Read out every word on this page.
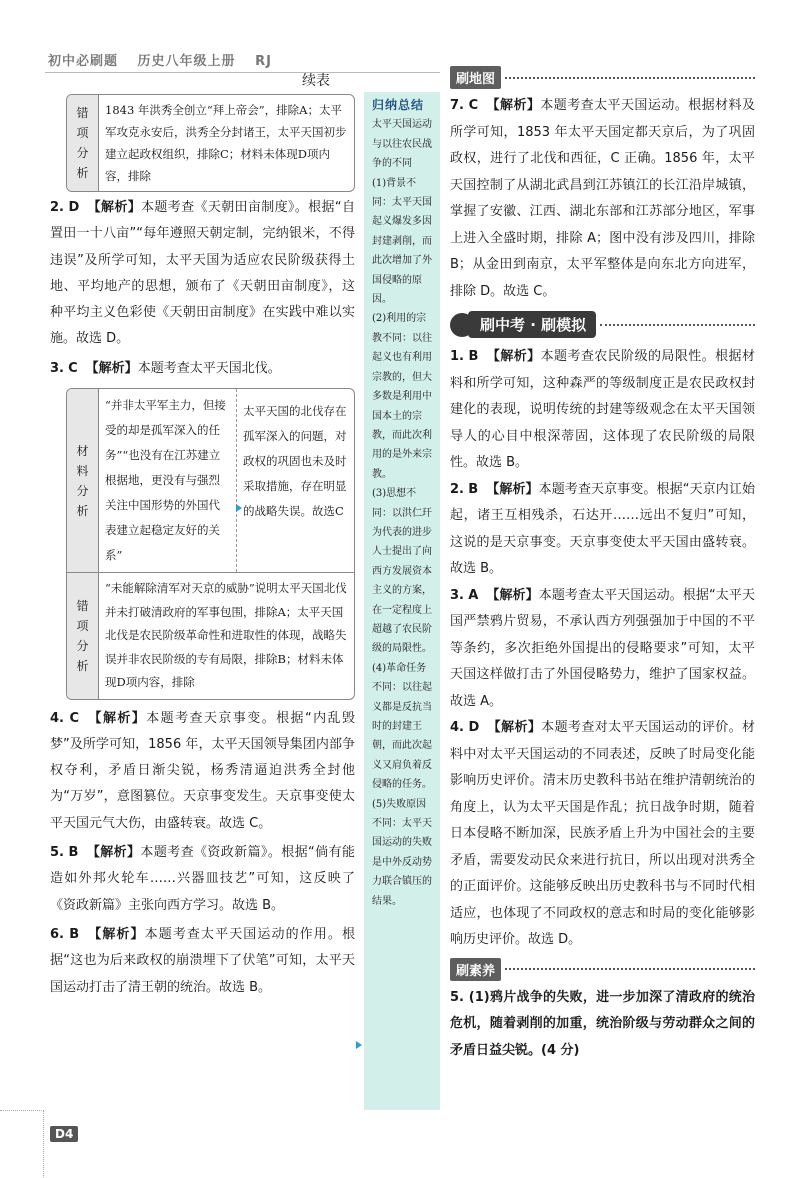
初中必刷题 历史八年级上册 RJ
续表
错项分析
1843 年洪秀全创立“拜上帝会”，排除A；太平军攻克永安后，洪秀全分封诸王，太平天国初步建立起政权组织，排除C；材料未体现D项内容，排除
2. D 【解析】本题考查《天朝田亩制度》。根据“自置田一十八亩”“每年遵照天朝定制，完纳银米，不得违误”及所学可知，太平天国为适应农民阶级获得土地、平均地产的思想，颁布了《天朝田亩制度》，这种平均主义色彩使《天朝田亩制度》在实践中难以实施。故选 D。
3. C 【解析】本题考查太平天国北伐。
材料分析
“并非太平军主力，但接受的却是孤军深入的任务”“也没有在江苏建立根据地，更没有与强烈关注中国形势的外国代表建立起稳定友好的关系”
太平天国的北伐存在孤军深入的问题，对政权的巩固也未及时采取措施，存在明显的战略失误。故选C
错项分析
“未能解除清军对天京的威胁”说明太平天国北伐并未打破清政府的军事包围，排除A；太平天国北伐是农民阶级革命性和进取性的体现，战略失误并非农民阶级的专有局限，排除B；材料未体现D项内容，排除
4. C 【解析】本题考查天京事变。根据“内乱毁梦”及所学可知，1856 年，太平天国领导集团内部争权夺利，矛盾日渐尖锐，杨秀清逼迫洪秀全封他为“万岁”，意图篡位。天京事变发生。天京事变使太平天国元气大伤，由盛转衰。故选 C。
5. B 【解析】本题考查《资政新篇》。根据“倘有能造如外邦火轮车……兴器皿技艺”可知，这反映了《资政新篇》主张向西方学习。故选 B。
6. B 【解析】本题考查太平天国运动的作用。根据“这也为后来政权的崩溃埋下了伏笔”可知，太平天国运动打击了清王朝的统治。故选 B。
归纳总结

太平天国运动与以往农民战争的不同

(1)背景不同：太平天国起义爆发多因封建剥削，而此次增加了外国侵略的原因。

(2)利用的宗教不同：以往起义也有利用宗教的，但大多数是利用中国本土的宗教，而此次利用的是外来宗教。

(3)思想不同：以洪仁玕为代表的进步人士提出了向西方发展资本主义的方案，在一定程度上超越了农民阶级的局限性。

(4)革命任务不同：以往起义都是反抗当时的封建王朝，而此次起义又肩负着反侵略的任务。

(5)失败原因不同：太平天国运动的失败是中外反动势力联合镇压的结果。

刷地图
7. C 【解析】本题考查太平天国运动。根据材料及所学可知，1853 年太平天国定都天京后，为了巩固政权，进行了北伐和西征，C 正确。1856 年，太平天国控制了从湖北武昌到江苏镇江的长江沿岸城镇，掌握了安徽、江西、湖北东部和江苏部分地区，军事上进入全盛时期，排除 A；图中没有涉及四川，排除 B；从金田到南京，太平军整体是向东北方向进军，排除 D。故选 C。
刷中考 · 刷模拟
1. B 【解析】本题考查农民阶级的局限性。根据材料和所学可知，这种森严的等级制度正是农民政权封建化的表现，说明传统的封建等级观念在太平天国领导人的心目中根深蒂固，这体现了农民阶级的局限性。故选 B。
2. B 【解析】本题考查天京事变。根据“天京内讧始起，诸王互相残杀，石达开……远出不复归”可知，这说的是天京事变。天京事变使太平天国由盛转衰。故选 B。
3. A 【解析】本题考查太平天国运动。根据“太平天国严禁鸦片贸易，不承认西方列强强加于中国的不平等条约，多次拒绝外国提出的侵略要求”可知，太平天国这样做打击了外国侵略势力，维护了国家权益。故选 A。
4. D 【解析】本题考查对太平天国运动的评价。材料中对太平天国运动的不同表述，反映了时局变化能影响历史评价。清末历史教科书站在维护清朝统治的角度上，认为太平天国是作乱；抗日战争时期，随着日本侵略不断加深，民族矛盾上升为中国社会的主要矛盾，需要发动民众来进行抗日，所以出现对洪秀全的正面评价。这能够反映出历史教科书与不同时代相适应，也体现了不同政权的意志和时局的变化能够影响历史评价。故选 D。
刷素养
5. (1)鸦片战争的失败，进一步加深了清政府的统治危机，随着剥削的加重，统治阶级与劳动群众之间的矛盾日益尖锐。(4 分)
D4
